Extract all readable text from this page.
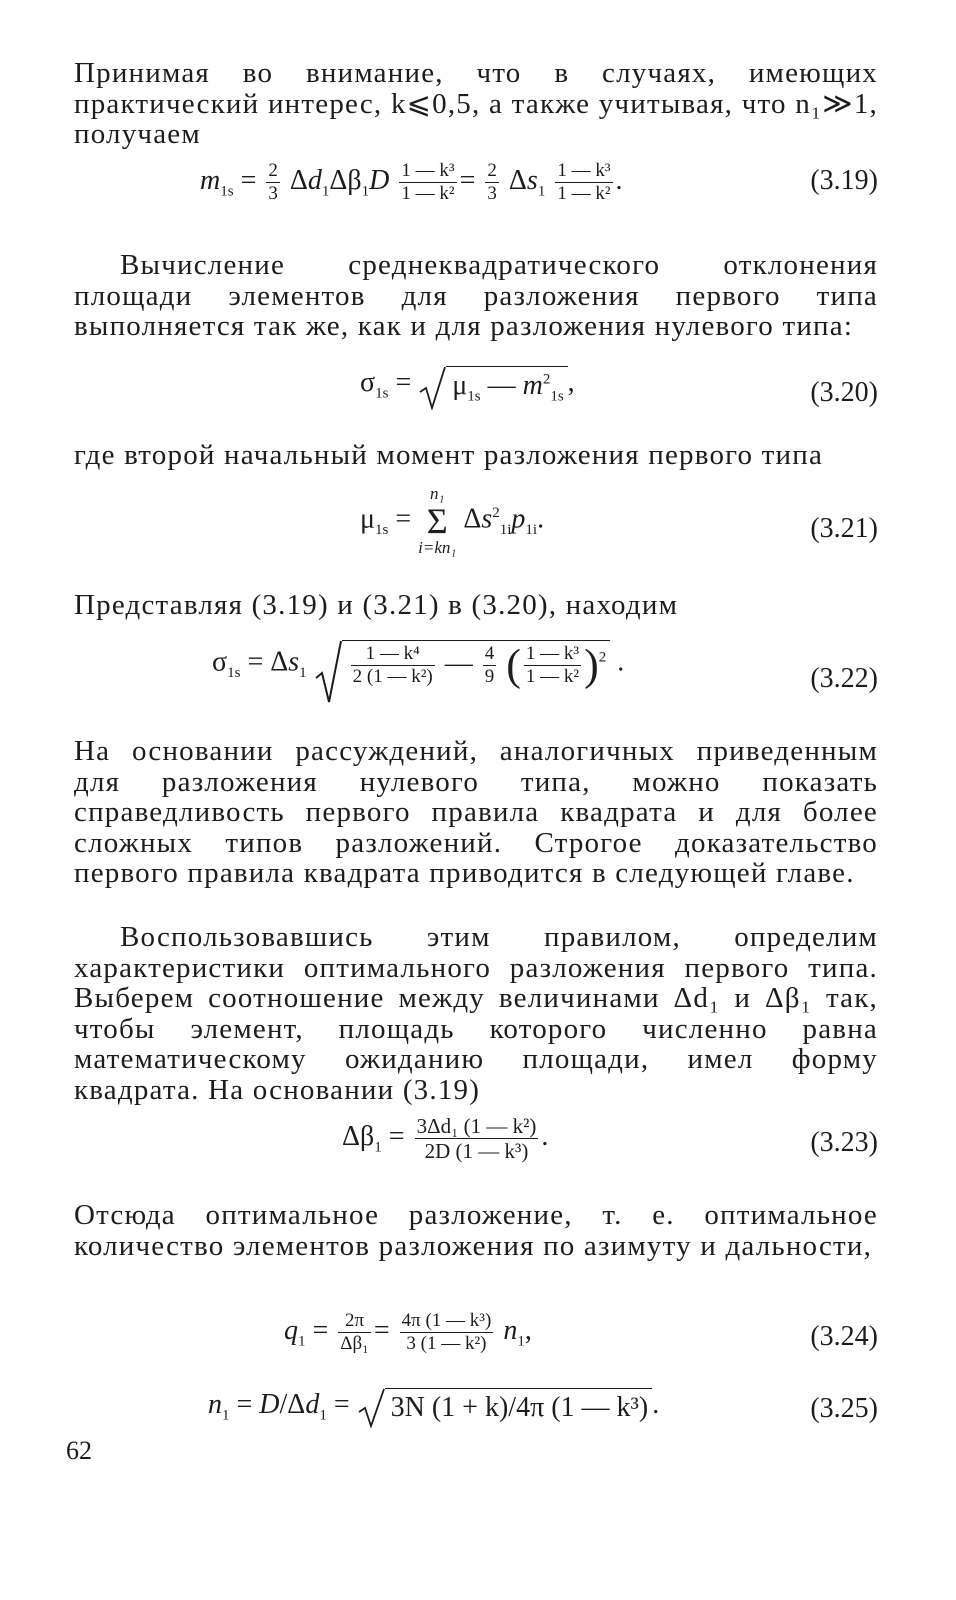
Принимая во внимание, что в случаях, имеющих практический интерес, k⩽0,5, а также учитывая, что n₁≫1, получаем

$m_{1s} = \frac{2}{3} \Delta d_1\Delta\beta_1D \frac{\text{1 — k³}}{\text{1 — k²}} = \frac{2}{3} \Delta s_1 \frac{\text{1 — k³}}{\text{1 — k²}}$ .	(3.19)

Вычисление среднеквадратического отклонения площади элементов для разложения первого типа выполняется так же, как и для разложения нулевого типа:

$\sigma_{1s}$ =
$\mu_{1s}$ — $m^2_{1s}$ ,	(3.20)

где второй начальный момент разложения первого типа

$\mu_{1s}$ =
n₁
Σ
i=kn₁
$\Delta s^2_{1i}p_{1i}$.	(3.21)

Представляя (3.19) и (3.21) в (3.20), находим

$\sigma_{1s} = \Delta s_1 \frac{\text{1 — k⁴}}{\text{2 (1 — k²)}}$ — $\frac{4}{9}$ ( $\frac{\text{1 — k³}}{\text{1 — k²}} )^2$ .
(3.22)

На основании рассуждений, аналогичных приведенным для разложения нулевого типа, можно показать справедливость первого правила квадрата и для более сложных типов разложений. Строгое доказательство первого правила квадрата приводится в следующей главе.

Воспользовавшись этим правилом, определим характеристики оптимального разложения первого типа. Выберем соотношение между величинами Δd₁ и Δβ₁ так, чтобы элемент, площадь которого численно равна математическому ожиданию площади, имел форму квадрата. На основании (3.19)

$\Delta\beta_1 = \frac{\text{3Δd₁ (1 — k²)}}{\text{2D (1 — k³)}}$ .	(3.23)

Отсюда оптимальное разложение, т. е. оптимальное количество элементов разложения по азимуту и дальности,

$q_1 = \frac{2\pi}{\text{Δβ₁}} = \frac{\text{4π (1 — k³)}}{\text{3 (1 — k²)}} n_1$,	(3.24)
$n_1 = D/\Delta d_1$ =
3N (1 + k)/4π (1 — k³) .	(3.25)
62
